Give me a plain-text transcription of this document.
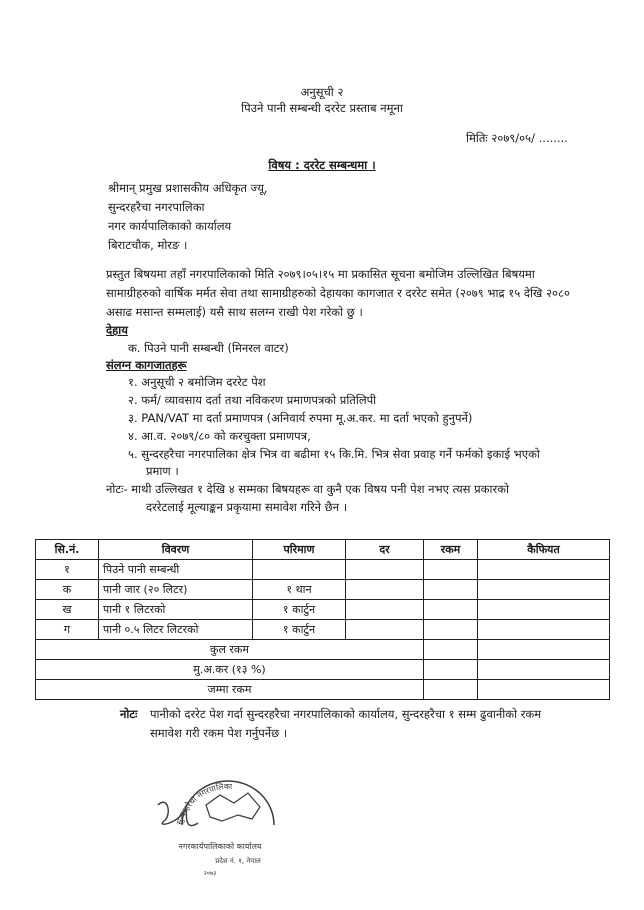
अनुसूची २
पिउने पानी सम्बन्धी दररेट प्रस्ताब नमूना
मितिः २०७९/०५/ ........
विषय : दररेट सम्बन्धमा ।
श्रीमान् प्रमुख प्रशासकीय अधिकृत ज्यू,
सुन्दरहरैचा नगरपालिका
नगर कार्यपालिकाको कार्यालय
बिराटचौक, मोरङ ।
प्रस्तुत बिषयमा तहाँ नगरपालिकाको मिति २०७९।०५।१५ मा प्रकासित सूचना बमोजिम उल्लिखित बिषयमा सामाग्रीहरुको वार्षिक मर्मत सेवा तथा सामाग्रीहरुको देहायका कागजात र दररेट समेत (२०७९ भाद्र १५ देखि २०८० असाढ मसान्त सम्मलाई) यसै साथ सलग्न राखी पेश गरेको छु ।
देहाय
क. पिउने पानी सम्बन्धी (मिनरल वाटर)
संलग्न कागजातहरू
१. अनुसूची २ बमोजिम दररेट पेश
२. फर्म/ व्यावसाय दर्ता तथा नविकरण प्रमाणपत्रको प्रतिलिपी
३. PAN/VAT मा दर्ता प्रमाणपत्र (अनिवार्य रुपमा मू.अ.कर. मा दर्ता भएको हुनुपर्ने)
४. आ.व. २०७९/८० को करचुक्ता प्रमाणपत्र,
५. सुन्दरहरैचा नगरपालिका क्षेत्र भित्र वा बढीमा १५ कि.मि. भित्र सेवा प्रवाह गर्ने फर्मको इकाई भएको
प्रमाण ।
नोटः- माथी उल्लिखत १ देखि ४ सम्मका बिषयहरू वा कुनै एक विषय पनी पेश नभए त्यस प्रकारको
दररेटलाई मूल्याङ्कन प्रकृयामा समावेश गरिने छैन ।
सि.नं.	विवरण	परिमाण	दर	रकम	कैफियत
१	पिउने पानी सम्बन्धी				
क	पानी जार (२० लिटर)	१ थान			
ख	पानी १ लिटरको	१ कार्टुन			
ग	पानी ०.५ लिटर लिटरको	१ कार्टुन			
कुल रकम					
मु.अ.कर (१३ %)					
जम्मा रकम					
नोटः पानीको दररेट पेश गर्दा सुन्दरहरैचा नगरपालिकाको कार्यालय, सुन्दरहरैचा १ सम्म ढुवानीको रकम
समावेश गरी रकम पेश गर्नुपर्नेछ ।
सुन्दरहरैचा नगरपालिका
नगरकार्यपालिकाको कार्यालय
प्रदेश नं. १, नेपाल
२०७३
